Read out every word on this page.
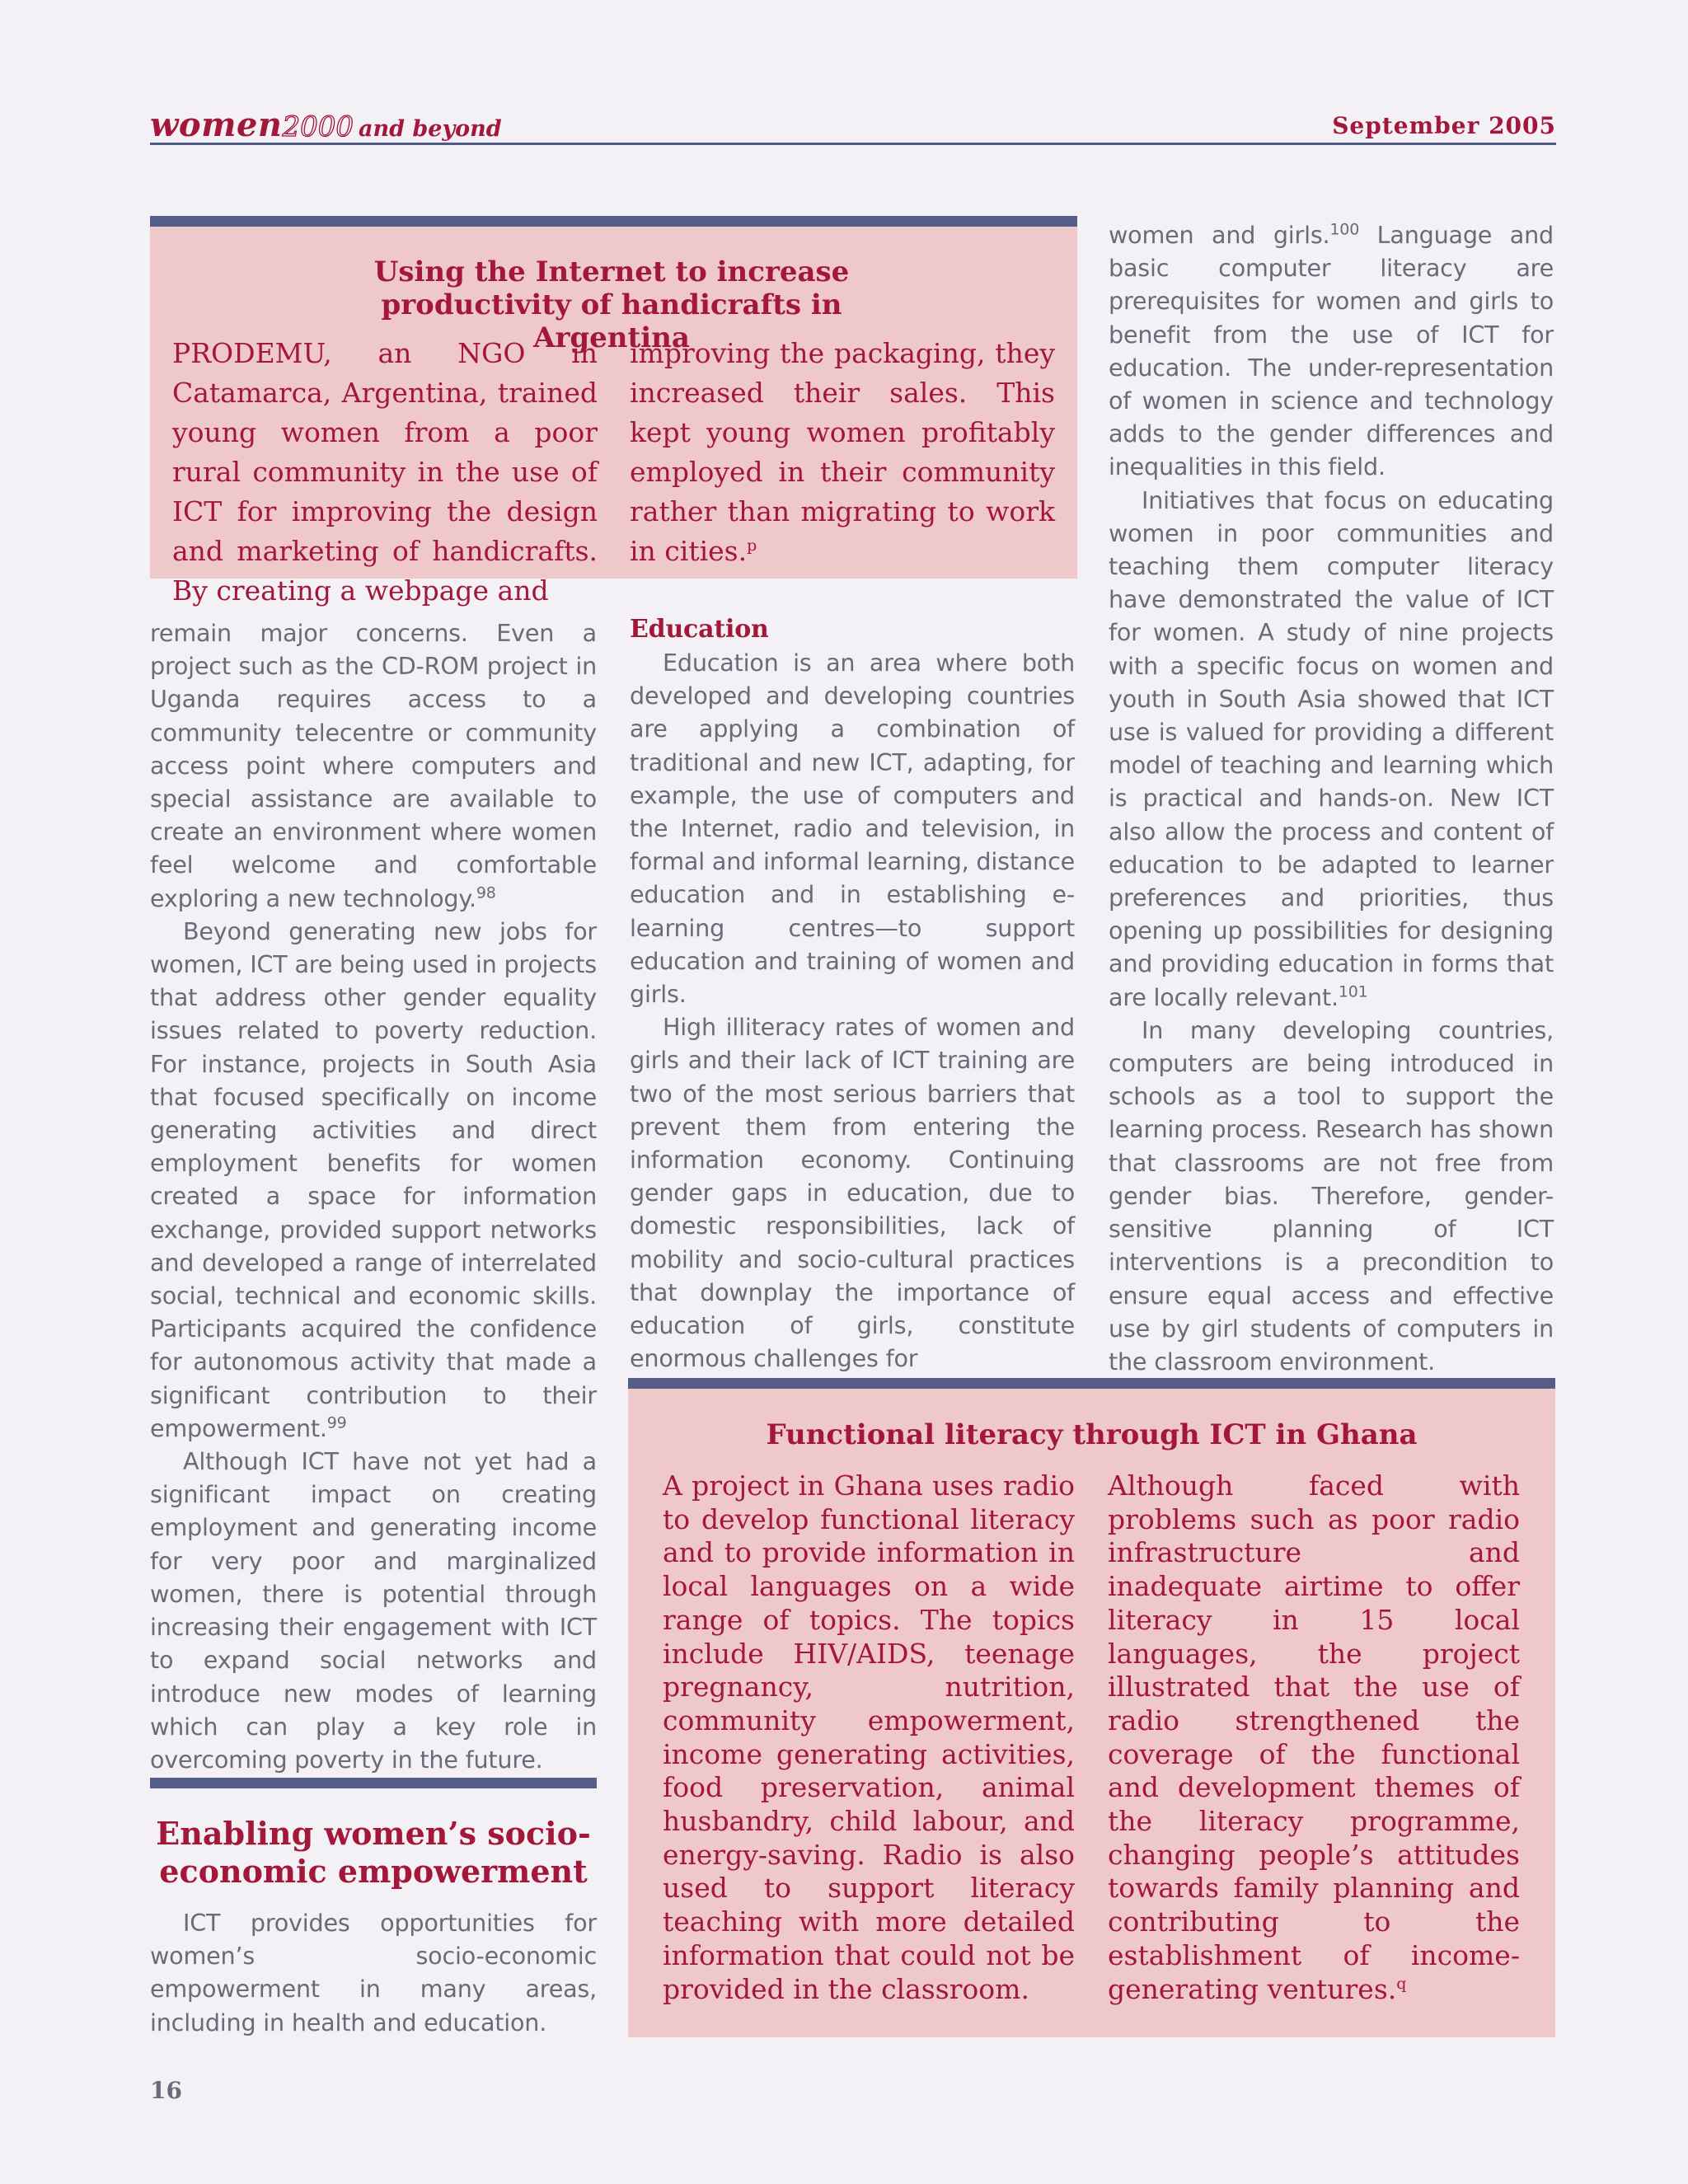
women2000 and beyond	September 2005
Using the Internet to increase productivity of handicrafts in Argentina
PRODEMU, an NGO in Catamarca, Argentina, trained young women from a poor rural community in the use of ICT for improving the design and marketing of handicrafts. By creating a webpage and
improving the packaging, they increased their sales. This kept young women profitably employed in their community rather than migrating to work in cities.$^p$

remain major concerns. Even a project such as the CD-ROM project in Uganda requires access to a community telecentre or community access point where computers and special assistance are available to create an environment where women feel welcome and comfortable exploring a new technology.$^{98}$

Beyond generating new jobs for women, ICT are being used in projects that address other gender equality issues related to poverty reduction. For instance, projects in South Asia that focused specifically on income generating activities and direct employment benefits for women created a space for information exchange, provided support networks and developed a range of interrelated social, technical and economic skills. Participants acquired the confidence for autonomous activity that made a significant contribution to their empowerment.$^{99}$

Although ICT have not yet had a significant impact on creating employment and generating income for very poor and marginalized women, there is potential through increasing their engagement with ICT to expand social networks and introduce new modes of learning which can play a key role in overcoming poverty in the future.

Enabling women’s socio-economic empowerment

ICT provides opportunities for women’s socio-economic empowerment in many areas, including in health and education.

Education

Education is an area where both developed and developing countries are applying a combination of traditional and new ICT, adapting, for example, the use of computers and the Internet, radio and television, in formal and informal learning, distance education and in establishing e-learning centres—to support education and training of women and girls.

High illiteracy rates of women and girls and their lack of ICT training are two of the most serious barriers that prevent them from entering the information economy. Continuing gender gaps in education, due to domestic responsibilities, lack of mobility and socio-cultural practices that downplay the importance of education of girls, constitute enormous challenges for

women and girls.$^{100}$ Language and basic computer literacy are prerequisites for women and girls to benefit from the use of ICT for education. The under-representation of women in science and technology adds to the gender differences and inequalities in this field.

Initiatives that focus on educating women in poor communities and teaching them computer literacy have demonstrated the value of ICT for women. A study of nine projects with a specific focus on women and youth in South Asia showed that ICT use is valued for providing a different model of teaching and learning which is practical and hands-on. New ICT also allow the process and content of education to be adapted to learner preferences and priorities, thus opening up possibilities for designing and providing education in forms that are locally relevant.$^{101}$

In many developing countries, computers are being introduced in schools as a tool to support the learning process. Research has shown that classrooms are not free from gender bias. Therefore, gender-sensitive planning of ICT interventions is a precondition to ensure equal access and effective use by girl students of computers in the classroom environment.

Functional literacy through ICT in Ghana
A project in Ghana uses radio to develop functional literacy and to provide information in local languages on a wide range of topics. The topics include HIV/AIDS, teenage pregnancy, nutrition, community empowerment, income generating activities, food preservation, animal husbandry, child labour, and energy-saving. Radio is also used to support literacy teaching with more detailed information that could not be provided in the classroom.
Although faced with problems such as poor radio infrastructure and inadequate airtime to offer literacy in 15 local languages, the project illustrated that the use of radio strengthened the coverage of the functional and development themes of the literacy programme, changing people’s attitudes towards family planning and contributing to the establishment of income-generating ventures.$^q$
16
